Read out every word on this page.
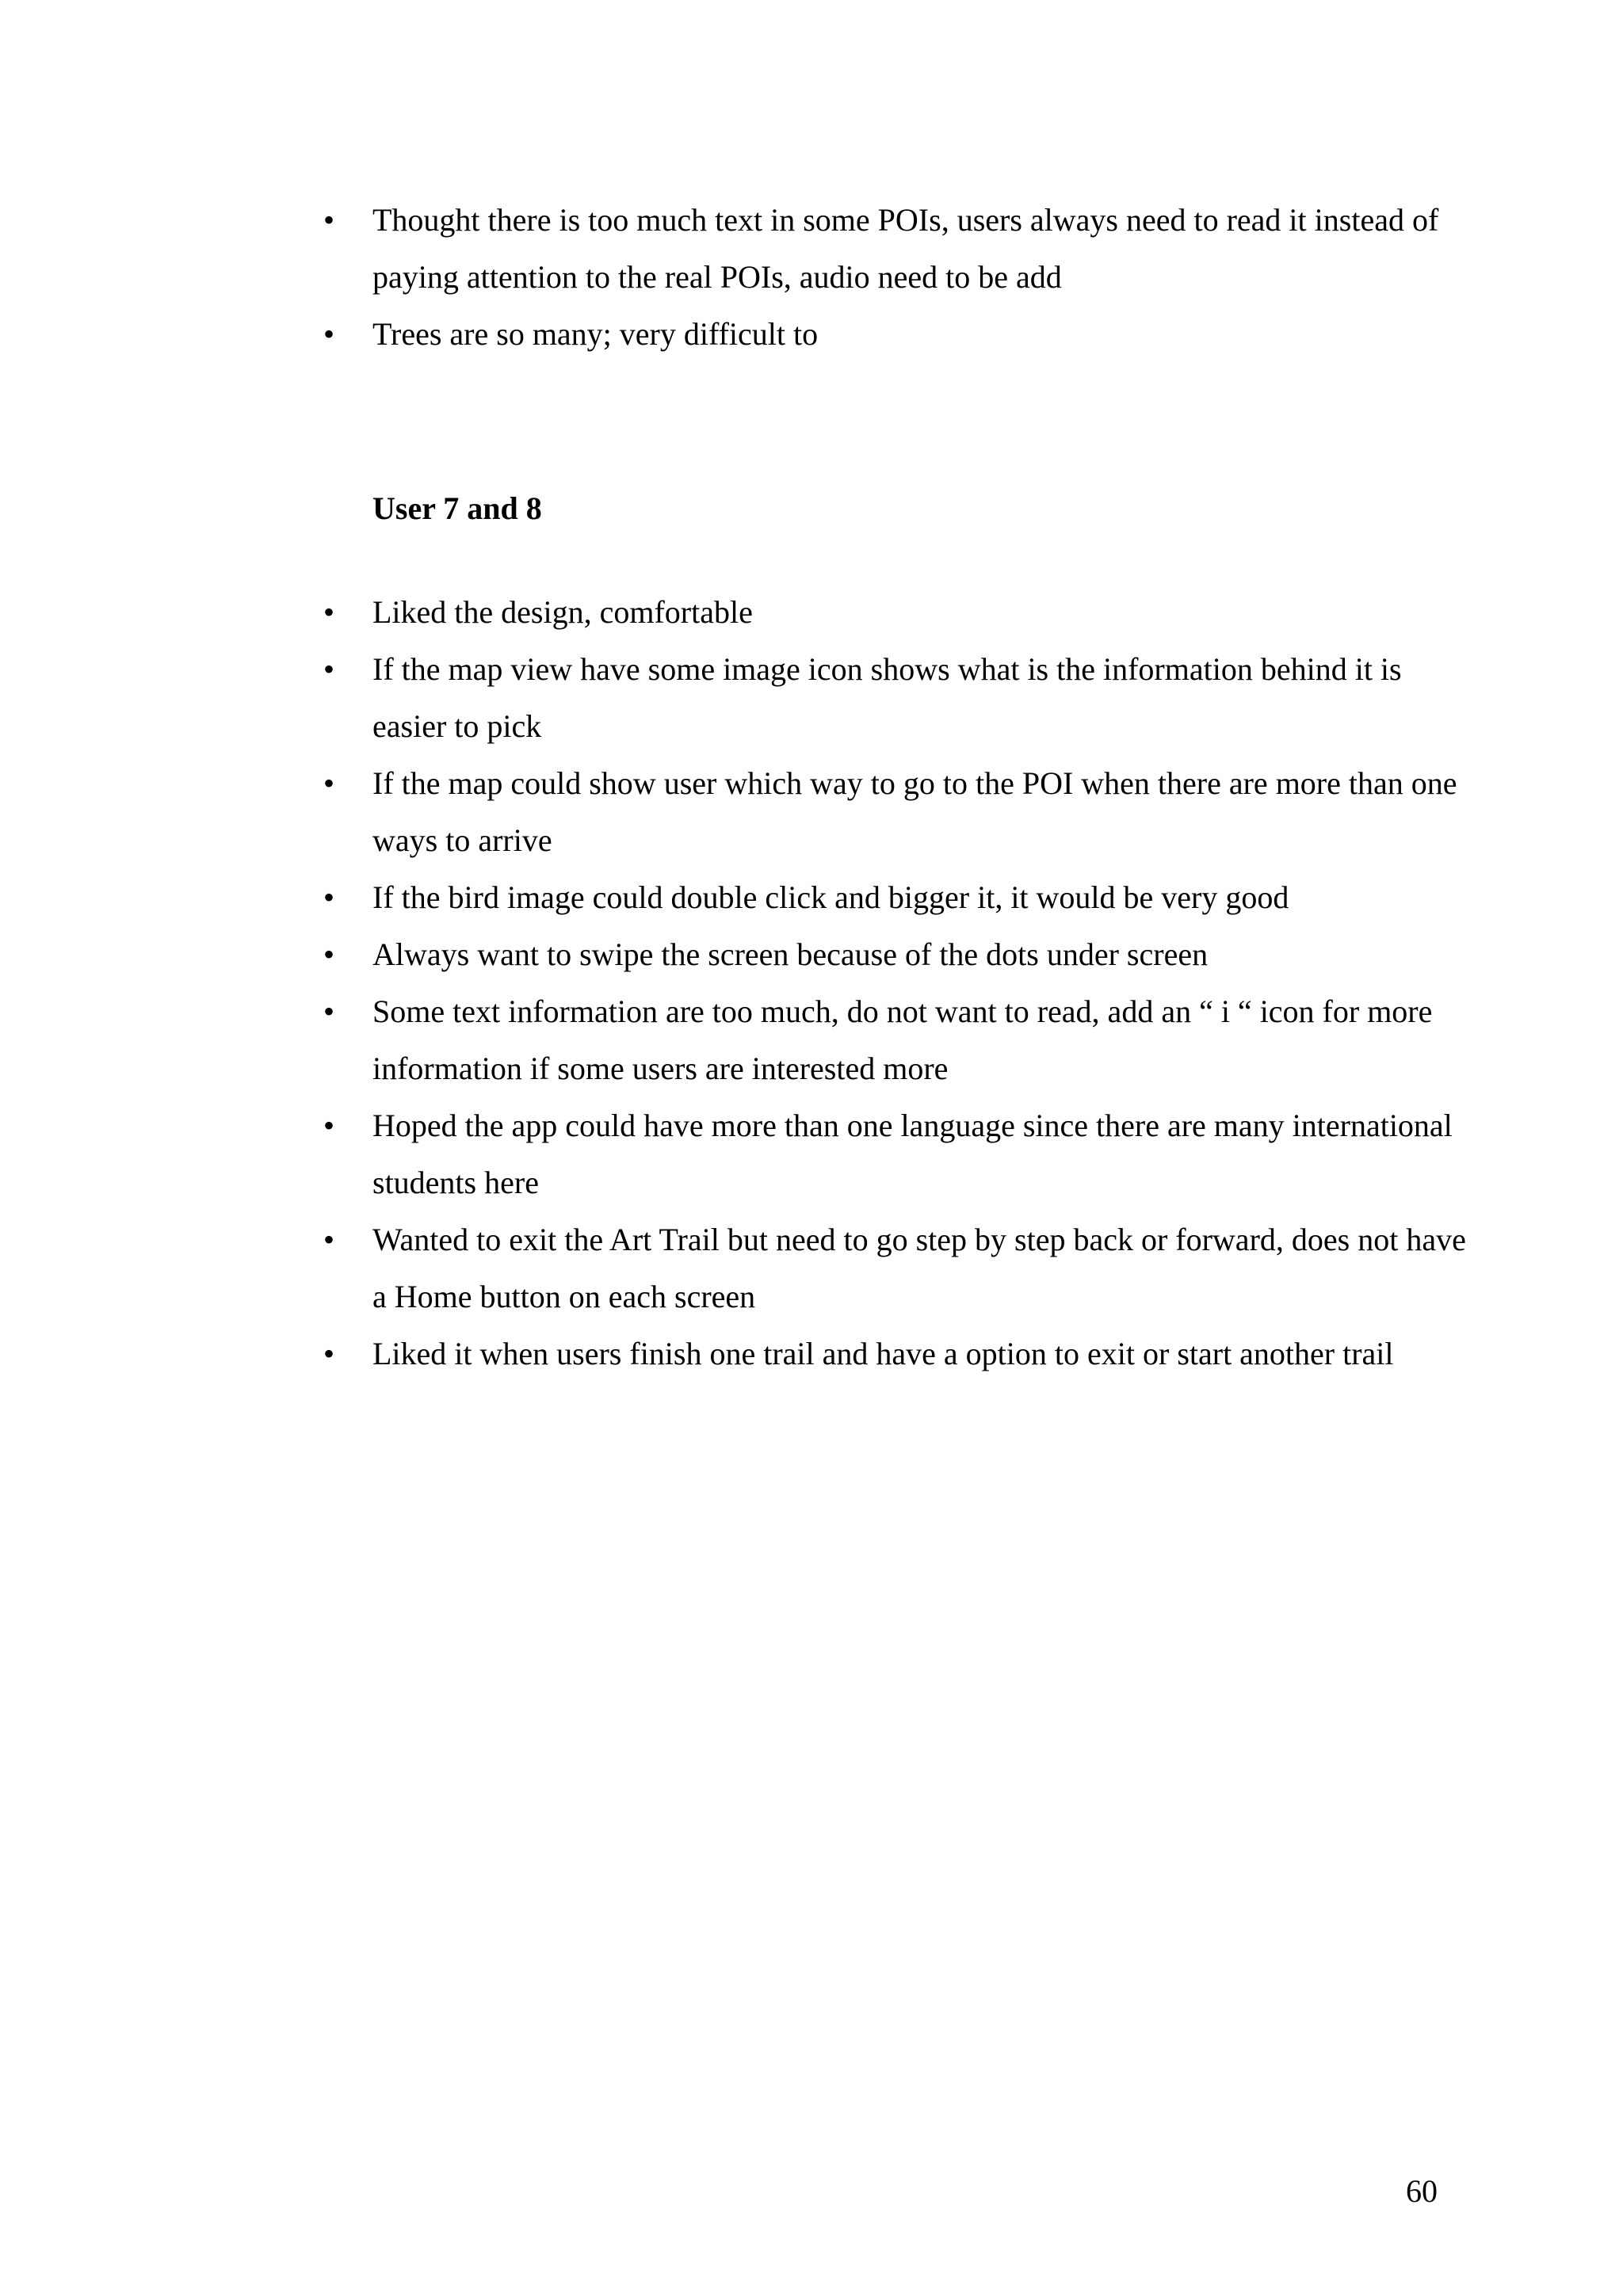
•	Thought there is too much text in some POIs, users always need to read it instead of paying attention to the real POIs, audio need to be add
•	Trees are so many; very difficult to
User 7 and 8
•	Liked the design, comfortable
•	If the map view have some image icon shows what is the information behind it is easier to pick
•	If the map could show user which way to go to the POI when there are more than one ways to arrive
•	If the bird image could double click and bigger it, it would be very good
•	Always want to swipe the screen because of the dots under screen
•	Some text information are too much, do not want to read, add an “ i “ icon for more information if some users are interested more
•	Hoped the app could have more than one language since there are many international students here
•	Wanted to exit the Art Trail but need to go step by step back or forward, does not have a Home button on each screen
•	Liked it when users finish one trail and have a option to exit or start another trail
60
